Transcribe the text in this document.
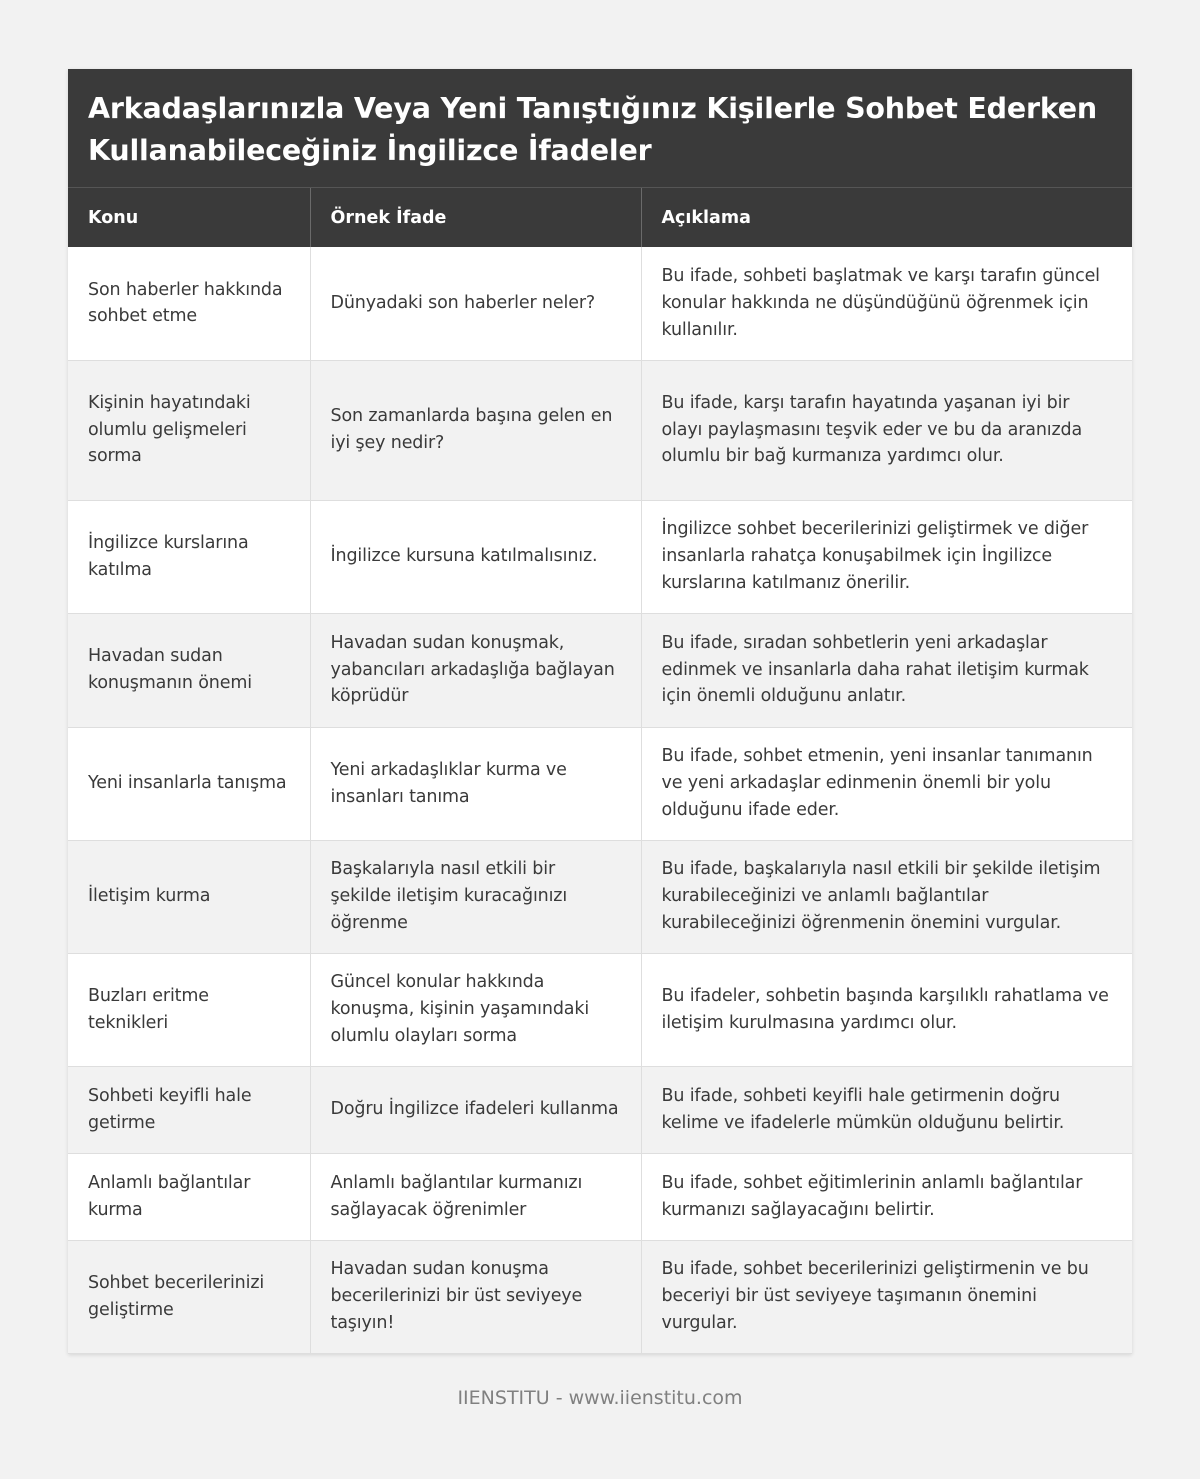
Arkadaşlarınızla Veya Yeni Tanıştığınız Kişilerle Sohbet Ederken Kullanabileceğiniz İngilizce İfadeler
Konu	Örnek İfade	Açıklama
Son haberler hakkında sohbet etme	Dünyadaki son haberler neler?	Bu ifade, sohbeti başlatmak ve karşı tarafın güncel konular hakkında ne düşündüğünü öğrenmek için kullanılır.
Kişinin hayatındaki olumlu gelişmeleri sorma	Son zamanlarda başına gelen en iyi şey nedir?	Bu ifade, karşı tarafın hayatında yaşanan iyi bir olayı paylaşmasını teşvik eder ve bu da aranızda olumlu bir bağ kurmanıza yardımcı olur.
İngilizce kurslarına katılma	İngilizce kursuna katılmalısınız.	İngilizce sohbet becerilerinizi geliştirmek ve diğer insanlarla rahatça konuşabilmek için İngilizce kurslarına katılmanız önerilir.
Havadan sudan konuşmanın önemi	Havadan sudan konuşmak, yabancıları arkadaşlığa bağlayan köprüdür	Bu ifade, sıradan sohbetlerin yeni arkadaşlar edinmek ve insanlarla daha rahat iletişim kurmak için önemli olduğunu anlatır.
Yeni insanlarla tanışma	Yeni arkadaşlıklar kurma ve insanları tanıma	Bu ifade, sohbet etmenin, yeni insanlar tanımanın ve yeni arkadaşlar edinmenin önemli bir yolu olduğunu ifade eder.
İletişim kurma	Başkalarıyla nasıl etkili bir şekilde iletişim kuracağınızı öğrenme	Bu ifade, başkalarıyla nasıl etkili bir şekilde iletişim kurabileceğinizi ve anlamlı bağlantılar kurabileceğinizi öğrenmenin önemini vurgular.
Buzları eritme teknikleri	Güncel konular hakkında konuşma, kişinin yaşamındaki olumlu olayları sorma	Bu ifadeler, sohbetin başında karşılıklı rahatlama ve iletişim kurulmasına yardımcı olur.
Sohbeti keyifli hale getirme	Doğru İngilizce ifadeleri kullanma	Bu ifade, sohbeti keyifli hale getirmenin doğru kelime ve ifadelerle mümkün olduğunu belirtir.
Anlamlı bağlantılar kurma	Anlamlı bağlantılar kurmanızı sağlayacak öğrenimler	Bu ifade, sohbet eğitimlerinin anlamlı bağlantılar kurmanızı sağlayacağını belirtir.
Sohbet becerilerinizi geliştirme	Havadan sudan konuşma becerilerinizi bir üst seviyeye taşıyın!	Bu ifade, sohbet becerilerinizi geliştirmenin ve bu beceriyi bir üst seviyeye taşımanın önemini vurgular.
IIENSTITU - www.iienstitu.com
